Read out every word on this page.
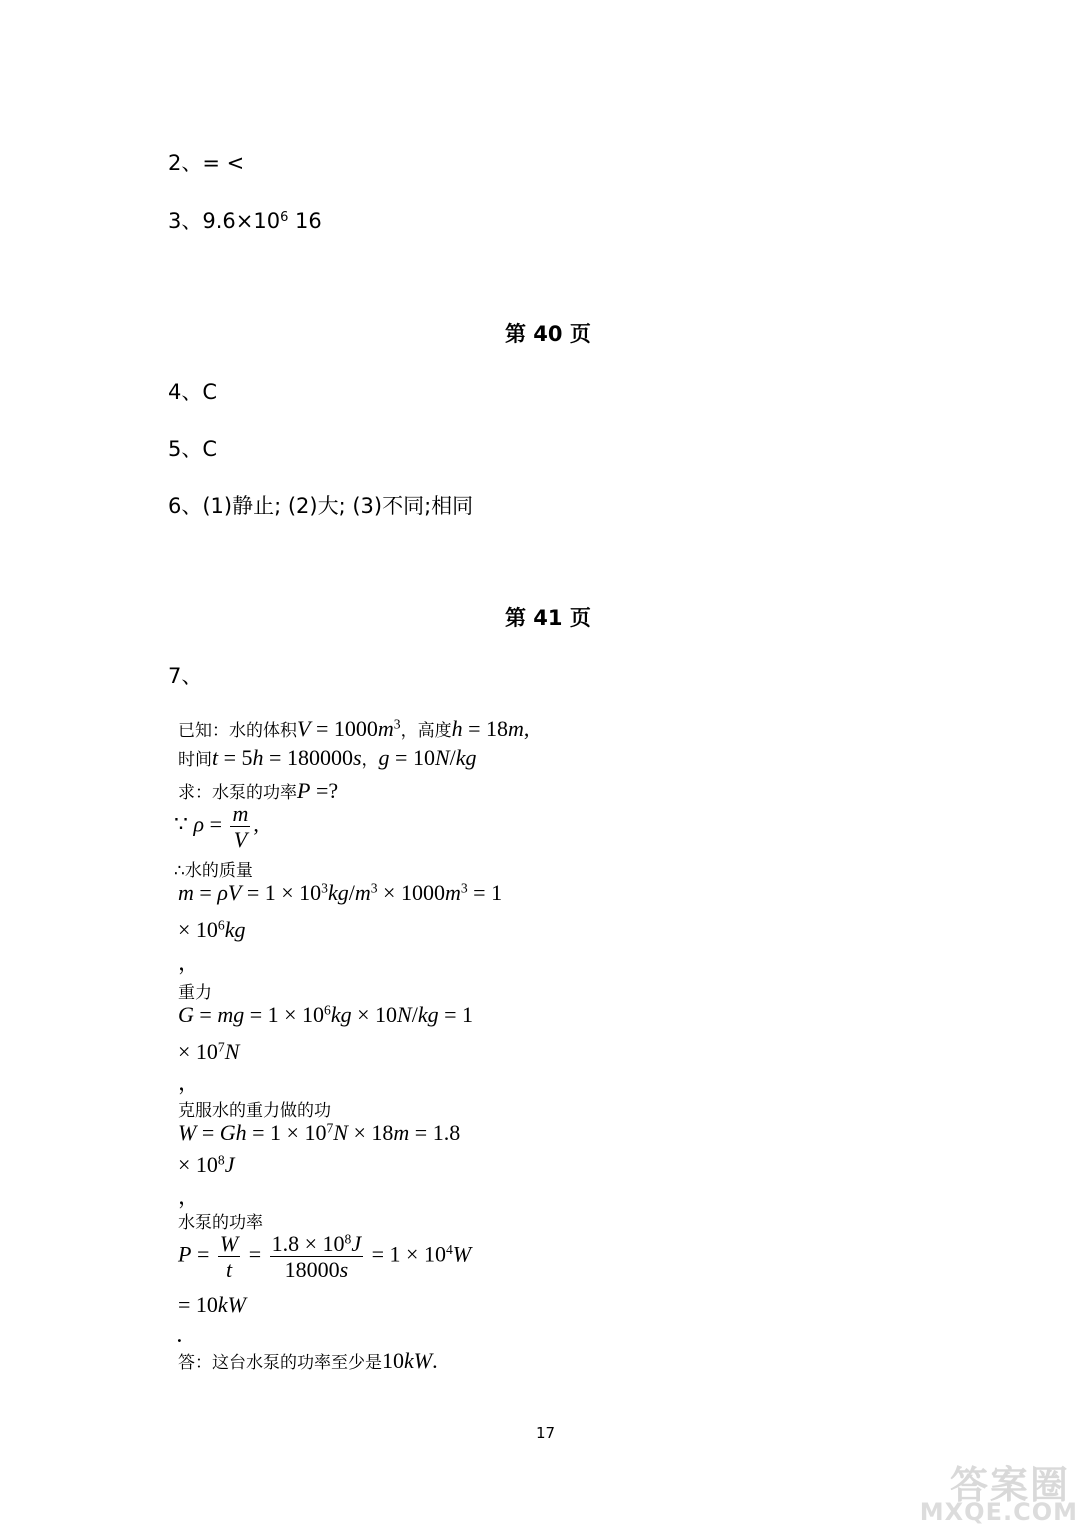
2、= <
3、$9.6\times 10^6$ 16
第 40 页
4、C
5、C
6、(1)静止; (2)大; (3)不同;相同
第 41 页
7、
已知：水的体积$V = 1000m^3$，高度h = 18m,
时间t = 5h = 180000s，g = 10N/kg
求：水泵的功率P =?
∵ $\rho = \frac{m}{V}$ ,
∴水的质量
$m = \rho V = 1 \times 10^3kg/m^3 \times 1000m^3 = 1$
× $10^6kg$
，
重力
G = mg = $1 \times 10^6kg \times 10N/kg = 1$
× $10^7N$
，
克服水的重力做的功
$W = Gh = 1 \times 10^7N \times 18m = 1.8$
× $10^8J$
，
水泵的功率
$P = \frac{W}{t} = \frac{1.8 \times 10^8J}{18000s} = 1 \times 10^4W$
= 10kW
．
答：这台水泵的功率至少是10kW.
17
答案圈
MXQE.COM
